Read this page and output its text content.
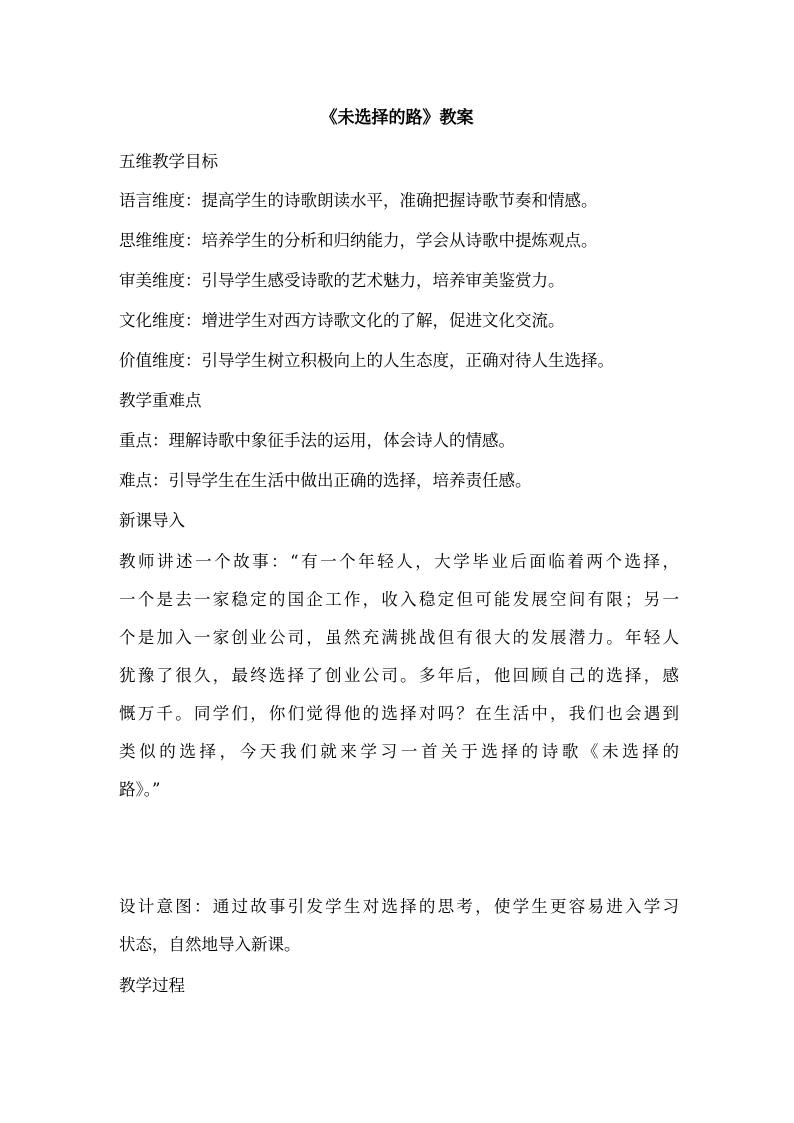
《未选择的路》教案
五维教学目标
语言维度：提高学生的诗歌朗读水平，准确把握诗歌节奏和情感。
思维维度：培养学生的分析和归纳能力，学会从诗歌中提炼观点。
审美维度：引导学生感受诗歌的艺术魅力，培养审美鉴赏力。
文化维度：增进学生对西方诗歌文化的了解，促进文化交流。
价值维度：引导学生树立积极向上的人生态度，正确对待人生选择。
教学重难点
重点：理解诗歌中象征手法的运用，体会诗人的情感。
难点：引导学生在生活中做出正确的选择，培养责任感。
新课导入
教师讲述一个故事：“有一个年轻人，大学毕业后面临着两个选择，
一个是去一家稳定的国企工作，收入稳定但可能发展空间有限；另一
个是加入一家创业公司，虽然充满挑战但有很大的发展潜力。年轻人
犹豫了很久，最终选择了创业公司。多年后，他回顾自己的选择，感
慨万千。同学们，你们觉得他的选择对吗？在生活中，我们也会遇到
类似的选择，今天我们就来学习一首关于选择的诗歌《未选择的
路》。”
设计意图：通过故事引发学生对选择的思考，使学生更容易进入学习
状态，自然地导入新课。
教学过程
